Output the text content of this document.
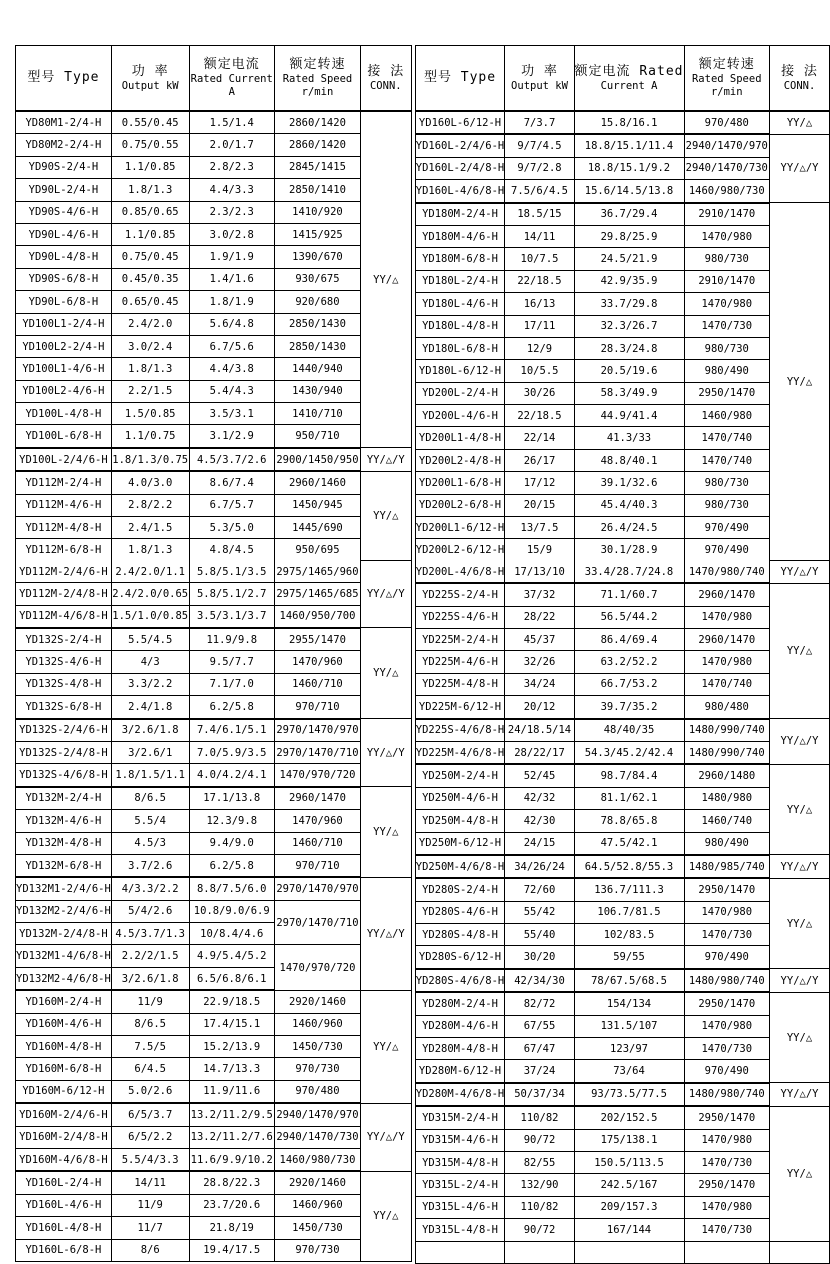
型号 Type	功 率
Output kW

额定电流
Rated Current
A

额定转速
Rated Speed
r/min

接 法
CONN.

YD80M1-2/4-H	0.55/0.45	1.5/1.4	2860/1420	YY/△
YD80M2-2/4-H	0.75/0.55	2.0/1.7	2860/1420	
YD90S-2/4-H	1.1/0.85	2.8/2.3	2845/1415	
YD90L-2/4-H	1.8/1.3	4.4/3.3	2850/1410	
YD90S-4/6-H	0.85/0.65	2.3/2.3	1410/920	
YD90L-4/6-H	1.1/0.85	3.0/2.8	1415/925	
YD90L-4/8-H	0.75/0.45	1.9/1.9	1390/670	
YD90S-6/8-H	0.45/0.35	1.4/1.6	930/675	
YD90L-6/8-H	0.65/0.45	1.8/1.9	920/680	
YD100L1-2/4-H	2.4/2.0	5.6/4.8	2850/1430	
YD100L2-2/4-H	3.0/2.4	6.7/5.6	2850/1430	
YD100L1-4/6-H	1.8/1.3	4.4/3.8	1440/940	
YD100L2-4/6-H	2.2/1.5	5.4/4.3	1430/940	
YD100L-4/8-H	1.5/0.85	3.5/3.1	1410/710	
YD100L-6/8-H	1.1/0.75	3.1/2.9	950/710	
YD100L-2/4/6-H	1.8/1.3/0.75	4.5/3.7/2.6	2900/1450/950	YY/△/Y
YD112M-2/4-H	4.0/3.0	8.6/7.4	2960/1460	YY/△
YD112M-4/6-H	2.8/2.2	6.7/5.7	1450/945	
YD112M-4/8-H	2.4/1.5	5.3/5.0	1445/690	
YD112M-6/8-H	1.8/1.3	4.8/4.5	950/695	
YD112M-2/4/6-H	2.4/2.0/1.1	5.8/5.1/3.5	2975/1465/960	YY/△/Y
YD112M-2/4/8-H	2.4/2.0/0.65	5.8/5.1/2.7	2975/1465/685	
YD112M-4/6/8-H	1.5/1.0/0.85	3.5/3.1/3.7	1460/950/700	
YD132S-2/4-H	5.5/4.5	11.9/9.8	2955/1470	YY/△
YD132S-4/6-H	4/3	9.5/7.7	1470/960	
YD132S-4/8-H	3.3/2.2	7.1/7.0	1460/710	
YD132S-6/8-H	2.4/1.8	6.2/5.8	970/710	
YD132S-2/4/6-H	3/2.6/1.8	7.4/6.1/5.1	2970/1470/970	YY/△/Y
YD132S-2/4/8-H	3/2.6/1	7.0/5.9/3.5	2970/1470/710	
YD132S-4/6/8-H	1.8/1.5/1.1	4.0/4.2/4.1	1470/970/720	
YD132M-2/4-H	8/6.5	17.1/13.8	2960/1470	YY/△
YD132M-4/6-H	5.5/4	12.3/9.8	1470/960	
YD132M-4/8-H	4.5/3	9.4/9.0	1460/710	
YD132M-6/8-H	3.7/2.6	6.2/5.8	970/710	
YD132M1-2/4/6-H	4/3.3/2.2	8.8/7.5/6.0	2970/1470/970	YY/△/Y
YD132M2-2/4/6-H	5/4/2.6	10.8/9.0/6.9	2970/1470/710	
YD132M-2/4/8-H	4.5/3.7/1.3	10/8.4/4.6		
YD132M1-4/6/8-H	2.2/2/1.5	4.9/5.4/5.2	1470/970/720	
YD132M2-4/6/8-H	3/2.6/1.8	6.5/6.8/6.1		
YD160M-2/4-H	11/9	22.9/18.5	2920/1460	YY/△
YD160M-4/6-H	8/6.5	17.4/15.1	1460/960	
YD160M-4/8-H	7.5/5	15.2/13.9	1450/730	
YD160M-6/8-H	6/4.5	14.7/13.3	970/730	
YD160M-6/12-H	5.0/2.6	11.9/11.6	970/480	
YD160M-2/4/6-H	6/5/3.7	13.2/11.2/9.5	2940/1470/970	YY/△/Y
YD160M-2/4/8-H	6/5/2.2	13.2/11.2/7.6	2940/1470/730	
YD160M-4/6/8-H	5.5/4/3.3	11.6/9.9/10.2	1460/980/730	
YD160L-2/4-H	14/11	28.8/22.3	2920/1460	YY/△
YD160L-4/6-H	11/9	23.7/20.6	1460/960	
YD160L-4/8-H	11/7	21.8/19	1450/730	
YD160L-6/8-H	8/6	19.4/17.5	970/730	
型号 Type	功 率
Output kW

额定电流 Rated
Current A

额定转速
Rated Speed
r/min

接 法
CONN.

YD160L-6/12-H	7/3.7	15.8/16.1	970/480	YY/△
YD160L-2/4/6-H	9/7/4.5	18.8/15.1/11.4	2940/1470/970	YY/△/Y
YD160L-2/4/8-H	9/7/2.8	18.8/15.1/9.2	2940/1470/730	
YD160L-4/6/8-H	7.5/6/4.5	15.6/14.5/13.8	1460/980/730	
YD180M-2/4-H	18.5/15	36.7/29.4	2910/1470	YY/△
YD180M-4/6-H	14/11	29.8/25.9	1470/980	
YD180M-6/8-H	10/7.5	24.5/21.9	980/730	
YD180L-2/4-H	22/18.5	42.9/35.9	2910/1470	
YD180L-4/6-H	16/13	33.7/29.8	1470/980	
YD180L-4/8-H	17/11	32.3/26.7	1470/730	
YD180L-6/8-H	12/9	28.3/24.8	980/730	
YD180L-6/12-H	10/5.5	20.5/19.6	980/490	
YD200L-2/4-H	30/26	58.3/49.9	2950/1470	
YD200L-4/6-H	22/18.5	44.9/41.4	1460/980	
YD200L1-4/8-H	22/14	41.3/33	1470/740	
YD200L2-4/8-H	26/17	48.8/40.1	1470/740	
YD200L1-6/8-H	17/12	39.1/32.6	980/730	
YD200L2-6/8-H	20/15	45.4/40.3	980/730	
YD200L1-6/12-H	13/7.5	26.4/24.5	970/490	
YD200L2-6/12-H	15/9	30.1/28.9	970/490	
YD200L-4/6/8-H	17/13/10	33.4/28.7/24.8	1470/980/740	YY/△/Y
YD225S-2/4-H	37/32	71.1/60.7	2960/1470	YY/△
YD225S-4/6-H	28/22	56.5/44.2	1470/980	
YD225M-2/4-H	45/37	86.4/69.4	2960/1470	
YD225M-4/6-H	32/26	63.2/52.2	1470/980	
YD225M-4/8-H	34/24	66.7/53.2	1470/740	
YD225M-6/12-H	20/12	39.7/35.2	980/480	
YD225S-4/6/8-H	24/18.5/14	48/40/35	1480/990/740	YY/△/Y
YD225M-4/6/8-H	28/22/17	54.3/45.2/42.4	1480/990/740	
YD250M-2/4-H	52/45	98.7/84.4	2960/1480	YY/△
YD250M-4/6-H	42/32	81.1/62.1	1480/980	
YD250M-4/8-H	42/30	78.8/65.8	1460/740	
YD250M-6/12-H	24/15	47.5/42.1	980/490	
YD250M-4/6/8-H	34/26/24	64.5/52.8/55.3	1480/985/740	YY/△/Y
YD280S-2/4-H	72/60	136.7/111.3	2950/1470	YY/△
YD280S-4/6-H	55/42	106.7/81.5	1470/980	
YD280S-4/8-H	55/40	102/83.5	1470/730	
YD280S-6/12-H	30/20	59/55	970/490	
YD280S-4/6/8-H	42/34/30	78/67.5/68.5	1480/980/740	YY/△/Y
YD280M-2/4-H	82/72	154/134	2950/1470	YY/△
YD280M-4/6-H	67/55	131.5/107	1470/980	
YD280M-4/8-H	67/47	123/97	1470/730	
YD280M-6/12-H	37/24	73/64	970/490	
YD280M-4/6/8-H	50/37/34	93/73.5/77.5	1480/980/740	YY/△/Y
YD315M-2/4-H	110/82	202/152.5	2950/1470	YY/△
YD315M-4/6-H	90/72	175/138.1	1470/980	
YD315M-4/8-H	82/55	150.5/113.5	1470/730	
YD315L-2/4-H	132/90	242.5/167	2950/1470	
YD315L-4/6-H	110/82	209/157.3	1470/980	
YD315L-4/8-H	90/72	167/144	1470/730	
